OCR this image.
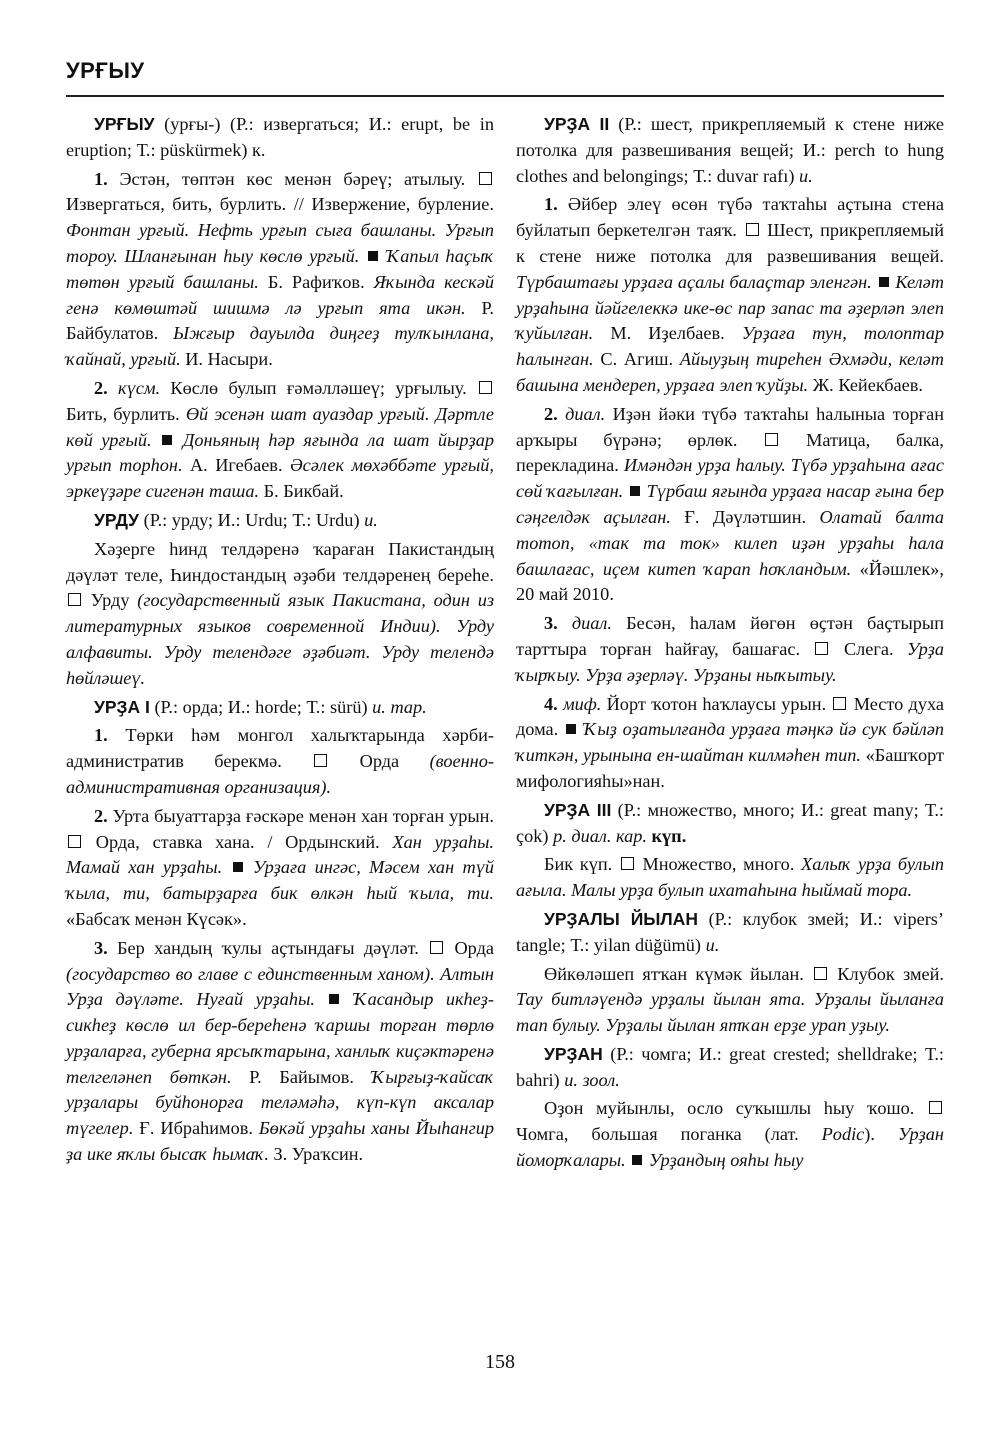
УРҒЫУ

УРҒЫУ (урғы-) (Р.: извергаться; И.: erupt, be in eruption; Т.: püskürmek) к.

1. Эстән, төптән көс менән бәреү; атылыу.  Извергаться, бить, бурлить. // Извержение, бурление. Фонтан урғый. Нефть урғып сыға башланы. Урғып тороу. Шланғынан һыу көслө урғый. Ҡапыл һаҫыҡ төтөн урғый башланы. Б. Рафиҡов. Яҡында кескәй генә көмөштәй шишмә лә урғып ята икән. Р. Байбулатов. Ыжғыр дауылда диңгеҙ тулҡынлана, ҡайнай, урғый. И. Насыри.

2. күсм. Көслө булып ғәмәлләшеү; урғылыу.  Бить, бурлить. Өй эсенән шат ауаздар урғый. Дәртле көй урғый. Доньяның һәр яғында ла шат йырҙар урғып торһон. А. Игебаев. Әсәлек мөхәббәте урғый, эркеүҙәре сигенән таша. Б. Бикбай.

УРДУ (Р.: урду; И.: Urdu; Т.: Urdu) и.

Хәҙерге һинд телдәренә ҡараған Пакистандың дәүләт теле, Һиндостандың әҙәби телдәренең береһе.  Урду (государственный язык Пакистана, один из литературных языков современной Индии). Урду алфавиты. Урду телендәге әҙәбиәт. Урду телендә һөйләшеү.

УРҘА I (Р.: орда; И.: horde; Т.: sürü) и. тар.

1. Төрки һәм монгол халыҡтарында хәрби-административ берекмә.  Орда (военно-административная организация).

2. Урта быуаттарҙа ғәскәре менән хан торған урын.  Орда, ставка хана. / Ордынский. Хан урҙаһы. Мамай хан урҙаһы. Урҙаға ингәс, Мәсем хан түй ҡыла, ти, батырҙарға бик өлкән һый ҡыла, ти. «Бабсаҡ менән Күсәк».

3. Бер хандың ҡулы аҫтындағы дәүләт.  Орда (государство во главе с единственным ханом). Алтын Урҙа дәүләте. Нуғай урҙаһы. Ҡасандыр икһеҙ-сикһеҙ көслө ил бер-береһенә ҡаршы торған төрлө урҙаларға, губерна ярсыҡтарына, ханлыҡ киҫәктәренә телгеләнеп бөткән. Р. Байымов. Ҡырғыҙ-ҡайсаҡ урҙалары буйһонорға теләмәһә, күп-күп аксалар түгелер. Ғ. Ибраһимов. Бөкәй урҙаһы ханы Йыһангир ҙа ике яҡлы бысаҡ һымаҡ. З. Ураҡсин.

УРҘА II (Р.: шест, прикрепляемый к стене ниже потолка для развешивания вещей; И.: perch to hung clothes and belongings; Т.: duvar rafı) и.

1. Әйбер элеү өсөн түбә таҡтаһы аҫтына стена буйлатып беркетелгән таяҡ.  Шест, прикрепляемый к стене ниже потолка для развешивания вещей. Түрбаштағы урҙаға аҫалы балаҫтар эленгән. Келәт урҙаһына йәйгелеккә ике-өс пар запас та әҙерләп элеп ҡуйылған. М. Иҙелбаев. Урҙаға тун, толоптар һалынған. С. Агиш. Айыуҙың тиреһен Әхмәди, келәт башына мендереп, урҙаға элеп ҡуйҙы. Ж. Кейекбаев.

2. диал. Иҙән йәки түбә таҡтаһы һалыныа торған арҡыры бүрәнә; өрлөк.  Матица, балка, перекладина. Имәндән урҙа һалыу. Түбә урҙаһына ағас сөй ҡағылған. Түрбаш яғында урҙаға насар ғына бер сәңгелдәк аҫылған. Ғ. Дәүләтшин. Олатай балта тотоп, «так та ток» килеп иҙән урҙаһы һала башлағас, иҫем китеп ҡарап һоҡландым. «Йәшлек», 20 май 2010.

3. диал. Бесән, һалам йөгөн өҫтән баҫтырып тарттыра торған һайғау, башағас.  Слега. Урҙа ҡырҡыу. Урҙа әҙерләү. Урҙаны ныҡытыу.

4. миф. Йорт ҡотон һаҡлаусы урын.  Место духа дома.  Ҡыҙ оҙатылғанда урҙаға тәңкә йә сук бәйләп ҡиткән, урынына ен-шайтан килмәһен тип. «Башҡорт мифологияһы»нан.

УРҘА III (Р.: множество, много; И.: great many; Т.: çok) р. диал. кар. күп.

Бик күп.  Множество, много. Халыҡ урҙа булып ағыла. Малы урҙа булып ихатаһына һыймай тора.

УРҘАЛЫ ЙЫЛАН (Р.: клубок змей; И.: vipers’ tangle; Т.: yilan düğümü) и.

Өйкөләшеп ятҡан күмәк йылан.  Клубок змей. Тау битләүендә урҙалы йылан ята. Урҙалы йыланға тап булыу. Урҙалы йылан ятҡан ерҙе урап уҙыу.

УРҘАН (Р.: чомга; И.: great crested; shelldrake; Т.: bahri) и. зоол.

Оҙон муйынлы, осло суҡышлы һыу ҡошо.  Чомга, большая поганка (лат. Podic). Урҙан йоморҡалары. Урҙандың ояһы һыу

158
